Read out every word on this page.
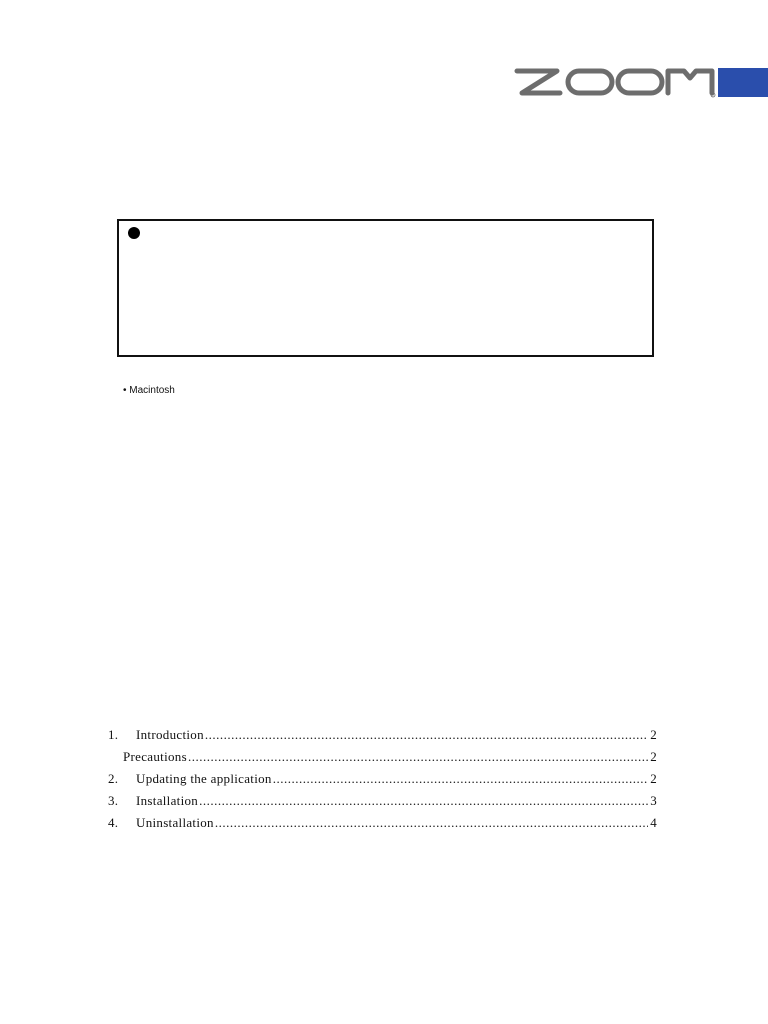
®
• Macintosh
1.	Introduction .....	2
Precautions .....	2
2.	Updating the application .....	2
3.	Installation .....	3
4.	Uninstallation .....	4
